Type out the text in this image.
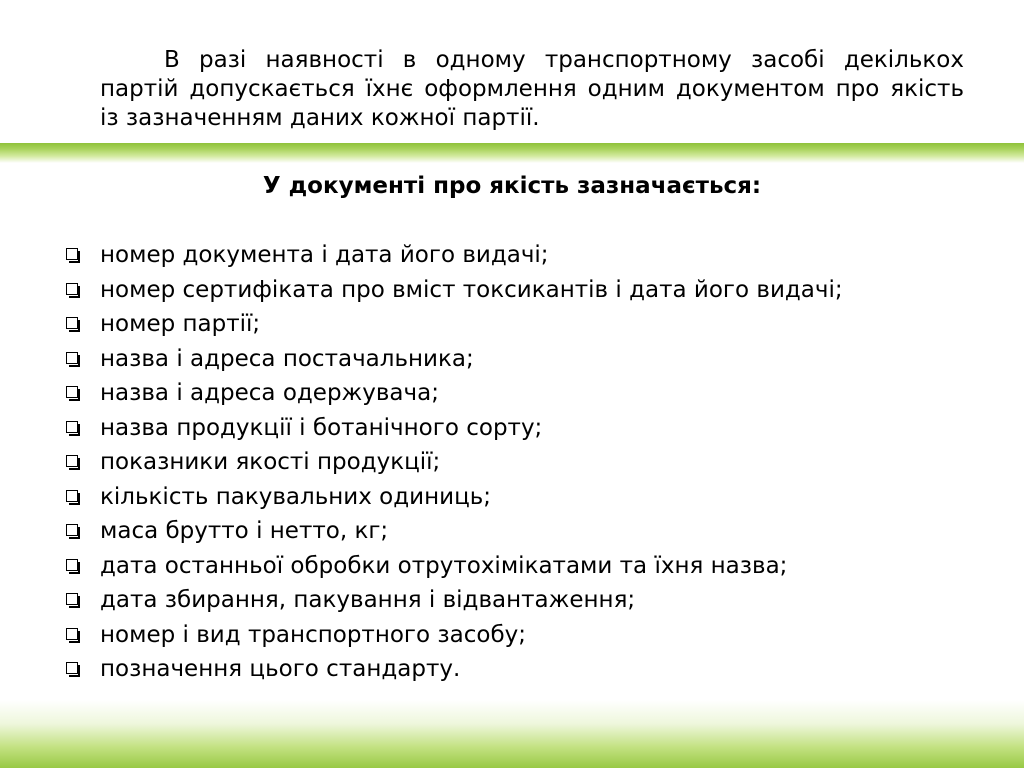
В разі наявності в одному транспортному засобі декількох партій допускається їхнє оформлення одним документом про якість із зазначенням даних кожної партії.

У документі про якість зазначається:
номер документа і дата його видачі;
номер сертифіката про вміст токсикантів і дата його видачі;
номер партії;
назва і адреса постачальника;
назва і адреса одержувача;
назва продукції і ботанічного сорту;
показники якості продукції;
кількість пакувальних одиниць;
маса брутто і нетто, кг;
дата останньої обробки отрутохімікатами та їхня назва;
дата збирання, пакування і відвантаження;
номер і вид транспортного засобу;
позначення цього стандарту.
